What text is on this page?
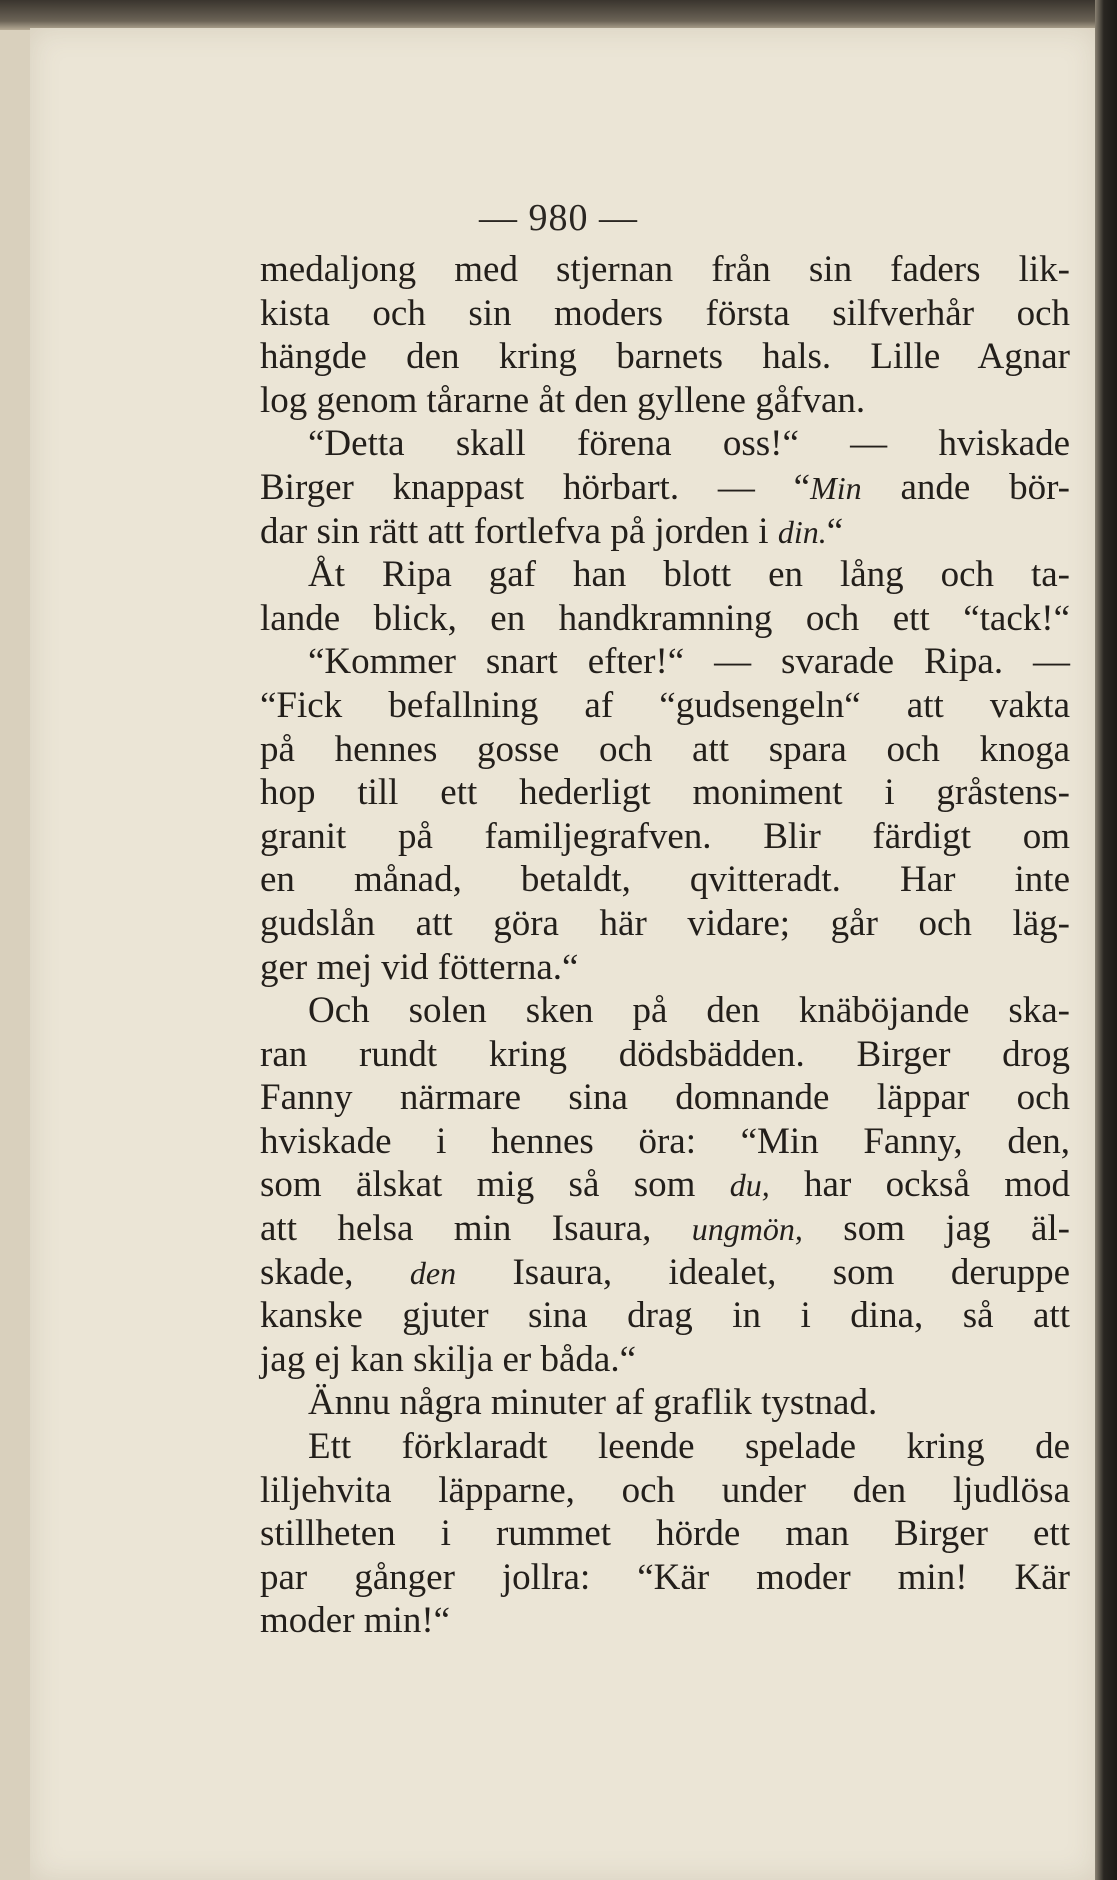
— 980 —
medaljong med stjernan från sin faders lik-
kista och sin moders första silfverhår och
hängde den kring barnets hals. Lille Agnar
log genom tårarne åt den gyllene gåfvan.
“Detta skall förena oss!“ — hviskade
Birger knappast hörbart. — “Min ande bör-
dar sin rätt att fortlefva på jorden i din.“
Åt Ripa gaf han blott en lång och ta-
lande blick, en handkramning och ett “tack!“
“Kommer snart efter!“ — svarade Ripa. —
“Fick befallning af “gudsengeln“ att vakta
på hennes gosse och att spara och knoga
hop till ett hederligt moniment i gråstens-
granit på familjegrafven. Blir färdigt om
en månad, betaldt, qvitteradt. Har inte
gudslån att göra här vidare; går och läg-
ger mej vid fötterna.“
Och solen sken på den knäböjande ska-
ran rundt kring dödsbädden. Birger drog
Fanny närmare sina domnande läppar och
hviskade i hennes öra: “Min Fanny, den,
som älskat mig så som du, har också mod
att helsa min Isaura, ungmön, som jag äl-
skade, den Isaura, idealet, som deruppe
kanske gjuter sina drag in i dina, så att
jag ej kan skilja er båda.“
Ännu några minuter af graflik tystnad.
Ett förklaradt leende spelade kring de
liljehvita läpparne, och under den ljudlösa
stillheten i rummet hörde man Birger ett
par gånger jollra: “Kär moder min! Kär
moder min!“
